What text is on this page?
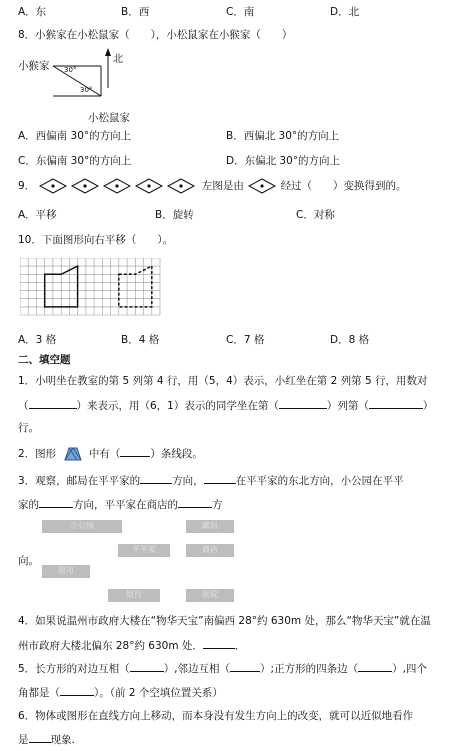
A．东	B．西	C．南	D．北
8．小猴家在小松鼠家（　　），小松鼠家在小猴家（　　）
北
小猴家 30°
30°
小松鼠家
A．西偏南 30°的方向上	B．西偏北 30°的方向上
C．东偏南 30°的方向上	D．东偏北 30°的方向上
9．	左图是由	经过（　　）变换得到的。
A．平移	B．旋转	C．对称
10．下面图形向右平移（　　）。
A．3 格	B．4 格	C．7 格	D．8 格
二、填空题
1．小明坐在教室的第 5 列第 4 行，用（5，4）表示，小红坐在第 2 列第 5 行，用数对
（	）来表示，用（6，1）表示的同学坐在第（	）列第（	）
行。
2．图形	中有（	）条线段。
3．观察，邮局在平平家的	方向，	在平平家的东北方向，小公园在平平
家的	方向，平平家在商店的	方
小公园	邮局
平平家	商店
超市
银行	医院
向。
4．如果说温州市政府大楼在“物华天宝”南偏西 28°约 630m 处，那么“物华天宝”就在温
州市政府大楼北偏东 28°约 630m 处．	．
5．长方形的对边互相（	）,邻边互相（	）;正方形的四条边（	）,四个
角都是（	）。（前 2 个空填位置关系）
6．物体或图形在直线方向上移动，而本身没有发生方向上的改变，就可以近似地看作
是 现象.
